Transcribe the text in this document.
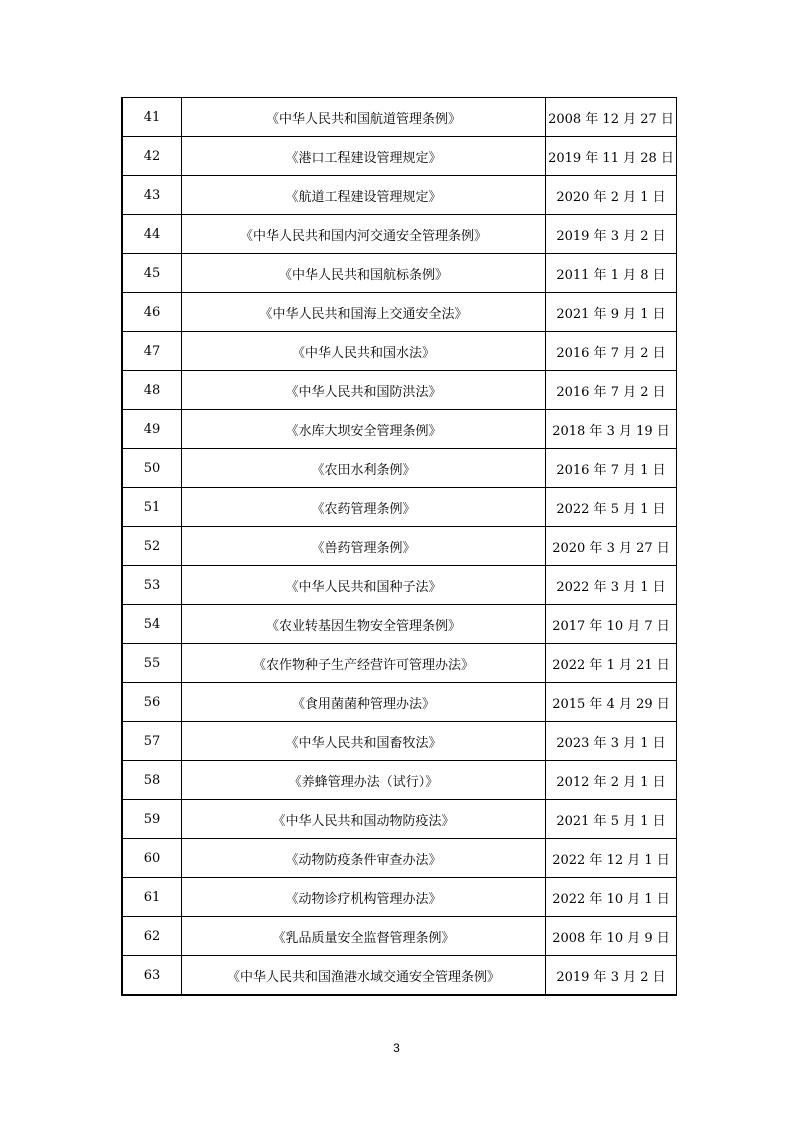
41	《中华人民共和国航道管理条例》	2008 年 12 月 27 日
42	《港口工程建设管理规定》	2019 年 11 月 28 日
43	《航道工程建设管理规定》	2020 年 2 月 1 日
44	《中华人民共和国内河交通安全管理条例》	2019 年 3 月 2 日
45	《中华人民共和国航标条例》	2011 年 1 月 8 日
46	《中华人民共和国海上交通安全法》	2021 年 9 月 1 日
47	《中华人民共和国水法》	2016 年 7 月 2 日
48	《中华人民共和国防洪法》	2016 年 7 月 2 日
49	《水库大坝安全管理条例》	2018 年 3 月 19 日
50	《农田水利条例》	2016 年 7 月 1 日
51	《农药管理条例》	2022 年 5 月 1 日
52	《兽药管理条例》	2020 年 3 月 27 日
53	《中华人民共和国种子法》	2022 年 3 月 1 日
54	《农业转基因生物安全管理条例》	2017 年 10 月 7 日
55	《农作物种子生产经营许可管理办法》	2022 年 1 月 21 日
56	《食用菌菌种管理办法》	2015 年 4 月 29 日
57	《中华人民共和国畜牧法》	2023 年 3 月 1 日
58	《养蜂管理办法（试行）》	2012 年 2 月 1 日
59	《中华人民共和国动物防疫法》	2021 年 5 月 1 日
60	《动物防疫条件审查办法》	2022 年 12 月 1 日
61	《动物诊疗机构管理办法》	2022 年 10 月 1 日
62	《乳品质量安全监督管理条例》	2008 年 10 月 9 日
63	《中华人民共和国渔港水域交通安全管理条例》	2019 年 3 月 2 日
3
